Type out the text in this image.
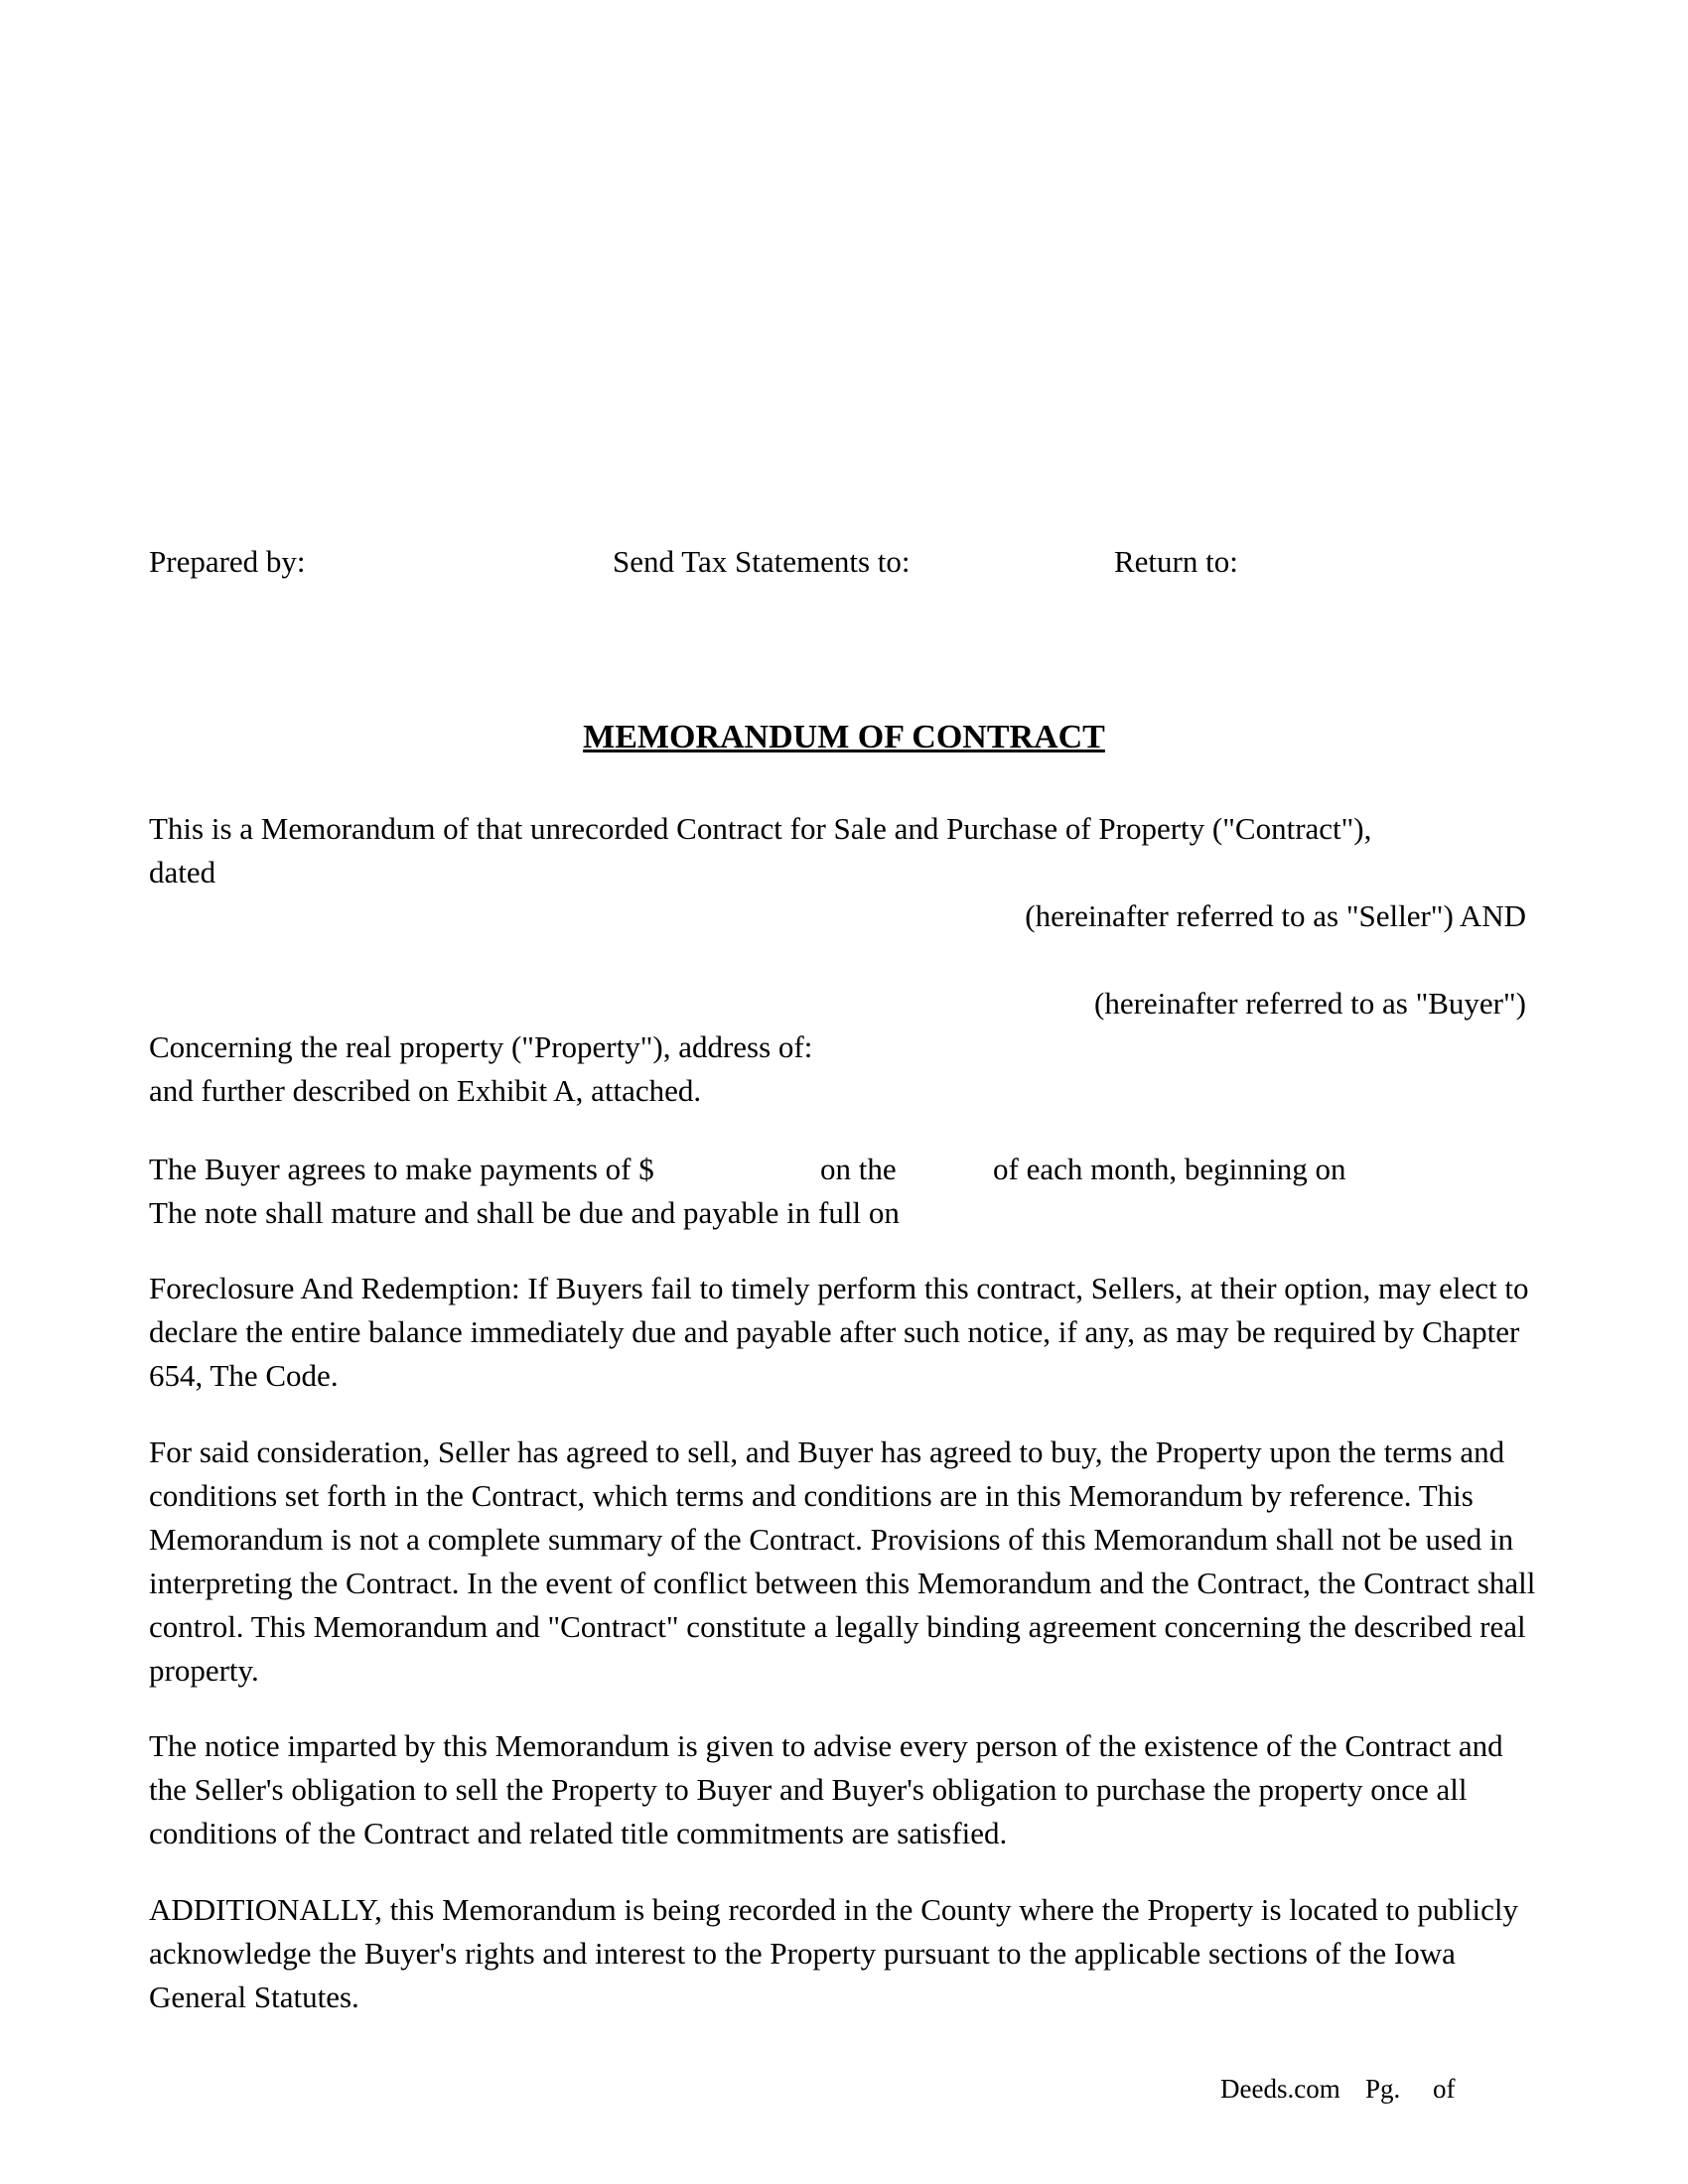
Prepared by:	Send Tax Statements to:	Return to:
MEMORANDUM OF CONTRACT
This is a Memorandum of that unrecorded Contract for Sale and Purchase of Property ("Contract"),
dated
(hereinafter referred to as "Seller") AND
(hereinafter referred to as "Buyer")
Concerning the real property ("Property"), address of:
and further described on Exhibit A, attached.
The Buyer agrees to make payments of $	on the	of each month, beginning on
The note shall mature and shall be due and payable in full on

Foreclosure And Redemption: If Buyers fail to timely perform this contract, Sellers, at their option, may elect to declare the entire balance immediately due and payable after such notice, if any, as may be required by Chapter 654, The Code.

For said consideration, Seller has agreed to sell, and Buyer has agreed to buy, the Property upon the terms and conditions set forth in the Contract, which terms and conditions are in this Memorandum by reference. This Memorandum is not a complete summary of the Contract. Provisions of this Memorandum shall not be used in interpreting the Contract. In the event of conflict between this Memorandum and the Contract, the Contract shall control. This Memorandum and "Contract" constitute a legally binding agreement concerning the described real property.

The notice imparted by this Memorandum is given to advise every person of the existence of the Contract and the Seller's obligation to sell the Property to Buyer and Buyer's obligation to purchase the property once all conditions of the Contract and related title commitments are satisfied.

ADDITIONALLY, this Memorandum is being recorded in the County where the Property is located to publicly acknowledge the Buyer's rights and interest to the Property pursuant to the applicable sections of the Iowa General Statutes.

Deeds.com Pg. of
